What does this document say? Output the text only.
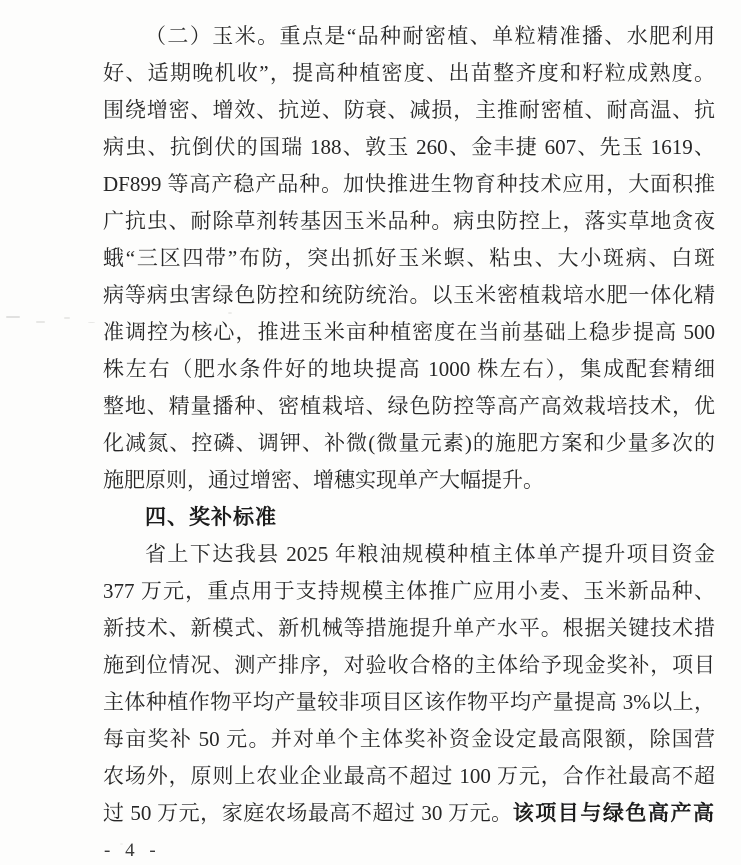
（二）玉米。重点是“品种耐密植、单粒精准播、水肥利用
好、适期晚机收”，提高种植密度、出苗整齐度和籽粒成熟度。
围绕增密、增效、抗逆、防衰、减损，主推耐密植、耐高温、抗
病虫、抗倒伏的国瑞 188、敦玉 260、金丰捷 607、先玉 1619、
DF899 等高产稳产品种。加快推进生物育种技术应用，大面积推
广抗虫、耐除草剂转基因玉米品种。病虫防控上，落实草地贪夜
蛾“三区四带”布防，突出抓好玉米螟、粘虫、大小斑病、白斑
病等病虫害绿色防控和统防统治。以玉米密植栽培水肥一体化精
准调控为核心，推进玉米亩种植密度在当前基础上稳步提高 500
株左右（肥水条件好的地块提高 1000 株左右），集成配套精细
整地、精量播种、密植栽培、绿色防控等高产高效栽培技术，优
化减氮、控磷、调钾、补微(微量元素)的施肥方案和少量多次的
施肥原则，通过增密、增穗实现单产大幅提升。
四、奖补标准
省上下达我县 2025 年粮油规模种植主体单产提升项目资金
377 万元，重点用于支持规模主体推广应用小麦、玉米新品种、
新技术、新模式、新机械等措施提升单产水平。根据关键技术措
施到位情况、测产排序，对验收合格的主体给予现金奖补，项目
主体种植作物平均产量较非项目区该作物平均产量提高 3%以上，
每亩奖补 50 元。并对单个主体奖补资金设定最高限额，除国营
农场外，原则上农业企业最高不超过 100 万元，合作社最高不超
过 50 万元，家庭农场最高不超过 30 万元。该项目与绿色高产高
- 4 -
